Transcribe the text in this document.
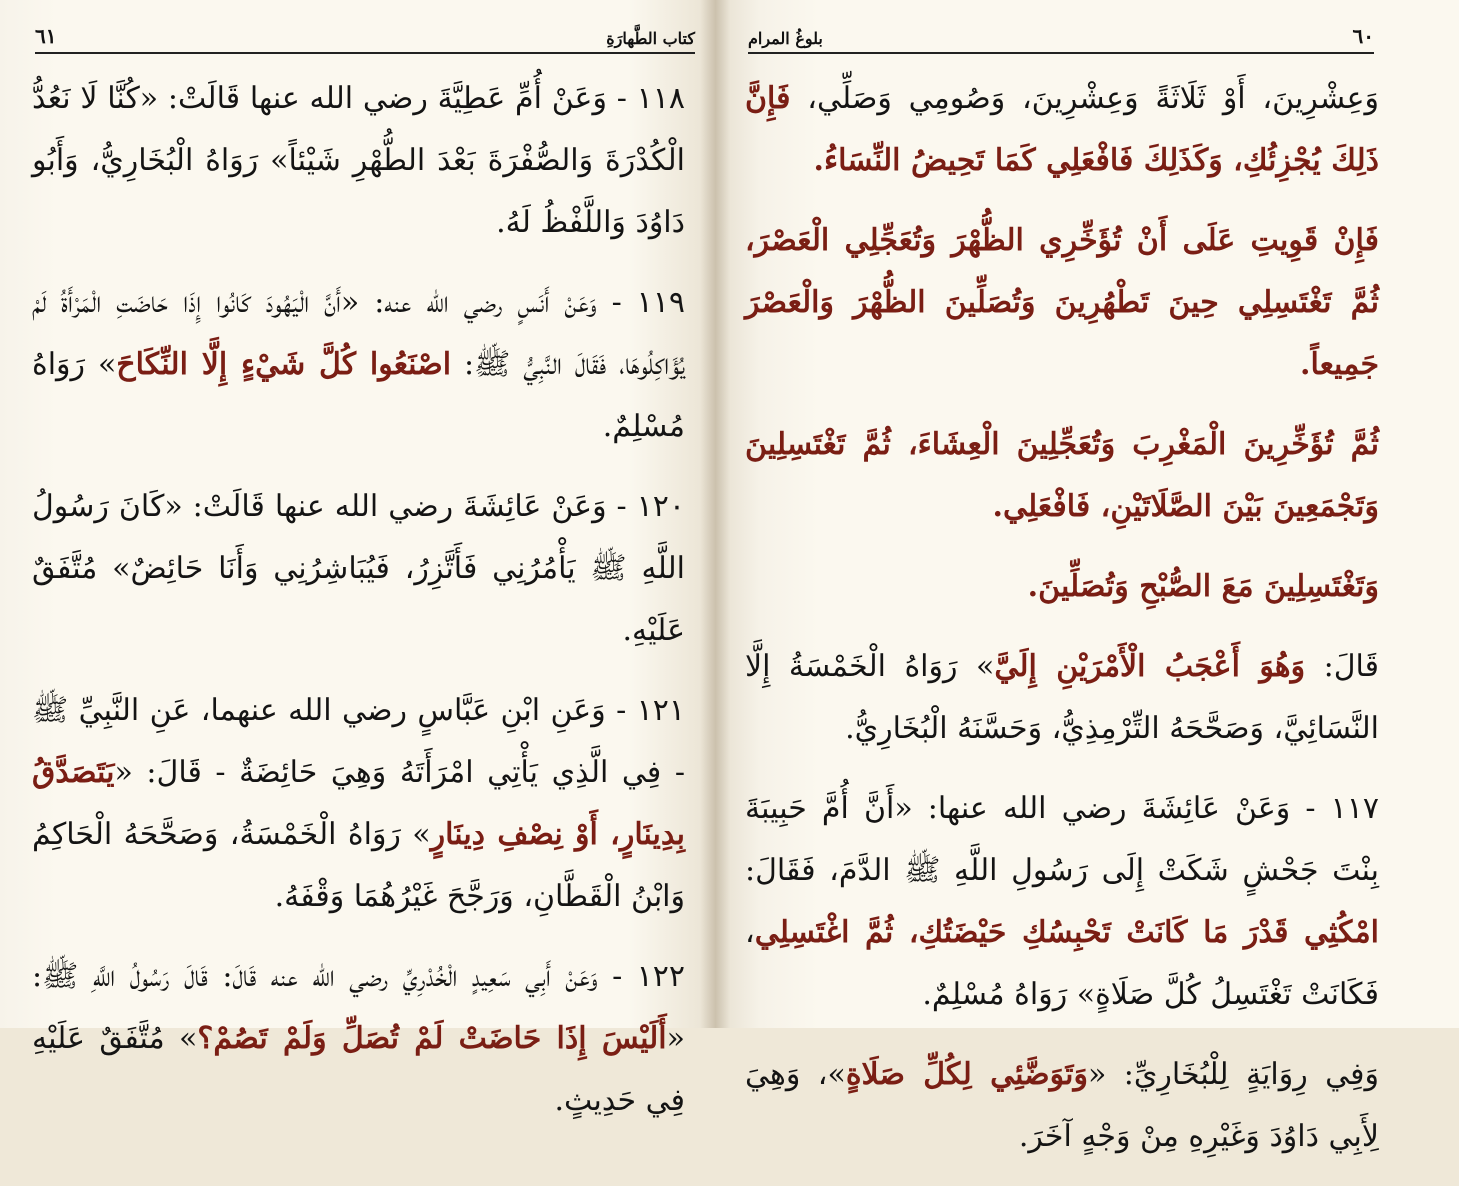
٦١	كتاب الطَّهارَةِ

١١٨ - وَعَنْ أُمِّ عَطِيَّةَ رضي الله عنها قَالَتْ: «كُنَّا لَا نَعُدُّ الْكُدْرَةَ وَالصُّفْرَةَ بَعْدَ الطُّهْرِ شَيْئاً» رَوَاهُ الْبُخَارِيُّ، وَأَبُو دَاوُدَ وَاللَّفْظُ لَهُ.

١١٩ - وَعَنْ أَنَسٍ رضي الله عنه: «أَنَّ الْيَهُودَ كَانُوا إِذَا حَاضَتِ الْمَرْأَةُ لَمْ يُؤَاكِلُوهَا، فَقَالَ النَّبِيُّ ﷺ: اصْنَعُوا كُلَّ شَيْءٍ إِلَّا النِّكَاحَ» رَوَاهُ مُسْلِمٌ.

١٢٠ - وَعَنْ عَائِشَةَ رضي الله عنها قَالَتْ: «كَانَ رَسُولُ اللَّهِ ﷺ يَأْمُرُنِي فَأَتَّزِرُ، فَيُبَاشِرُنِي وَأَنَا حَائِضٌ» مُتَّفَقٌ عَلَيْهِ.

١٢١ - وَعَنِ ابْنِ عَبَّاسٍ رضي الله عنهما، عَنِ النَّبِيِّ ﷺ - فِي الَّذِي يَأْتِي امْرَأَتَهُ وَهِيَ حَائِضَةٌ - قَالَ: «يَتَصَدَّقُ بِدِينَارٍ، أَوْ نِصْفِ دِينَارٍ» رَوَاهُ الْخَمْسَةُ، وَصَحَّحَهُ الْحَاكِمُ وَابْنُ الْقَطَّانِ، وَرَجَّحَ غَيْرُهُمَا وَقْفَهُ.

١٢٢ - وَعَنْ أَبِي سَعِيدٍ الْخُدْرِيِّ رضي الله عنه قَالَ: قَالَ رَسُولُ اللَّهِ ﷺ: «أَلَيْسَ إِذَا حَاضَتْ لَمْ تُصَلِّ وَلَمْ تَصُمْ؟» مُتَّفَقٌ عَلَيْهِ فِي حَدِيثٍ.

بلوغُ المرام	٦٠

وَعِشْرِينَ، أَوْ ثَلَاثَةً وَعِشْرِينَ، وَصُومِي وَصَلِّي، فَإِنَّ ذَلِكَ يُجْزِئُكِ، وَكَذَلِكَ فَافْعَلِي كَمَا تَحِيضُ النِّسَاءُ.

فَإِنْ قَوِيتِ عَلَى أَنْ تُؤَخِّرِي الظُّهْرَ وَتُعَجِّلِي الْعَصْرَ، ثُمَّ تَغْتَسِلِي حِينَ تَطْهُرِينَ وَتُصَلِّينَ الظُّهْرَ وَالْعَصْرَ جَمِيعاً.

ثُمَّ تُؤَخِّرِينَ الْمَغْرِبَ وَتُعَجِّلِينَ الْعِشَاءَ، ثُمَّ تَغْتَسِلِينَ وَتَجْمَعِينَ بَيْنَ الصَّلَاتَيْنِ، فَافْعَلِي.

وَتَغْتَسِلِينَ مَعَ الصُّبْحِ وَتُصَلِّينَ.

قَالَ: وَهُوَ أَعْجَبُ الْأَمْرَيْنِ إِلَيَّ» رَوَاهُ الْخَمْسَةُ إِلَّا النَّسَائِيَّ، وَصَحَّحَهُ التِّرْمِذِيُّ، وَحَسَّنَهُ الْبُخَارِيُّ.

١١٧ - وَعَنْ عَائِشَةَ رضي الله عنها: «أَنَّ أُمَّ حَبِيبَةَ بِنْتَ جَحْشٍ شَكَتْ إِلَى رَسُولِ اللَّهِ ﷺ الدَّمَ، فَقَالَ: امْكُثِي قَدْرَ مَا كَانَتْ تَحْبِسُكِ حَيْضَتُكِ، ثُمَّ اغْتَسِلِي، فَكَانَتْ تَغْتَسِلُ كُلَّ صَلَاةٍ» رَوَاهُ مُسْلِمٌ.

وَفِي رِوَايَةٍ لِلْبُخَارِيِّ: «وَتَوَضَّئِي لِكُلِّ صَلَاةٍ»، وَهِيَ لِأَبِي دَاوُدَ وَغَيْرِهِ مِنْ وَجْهٍ آخَرَ.
